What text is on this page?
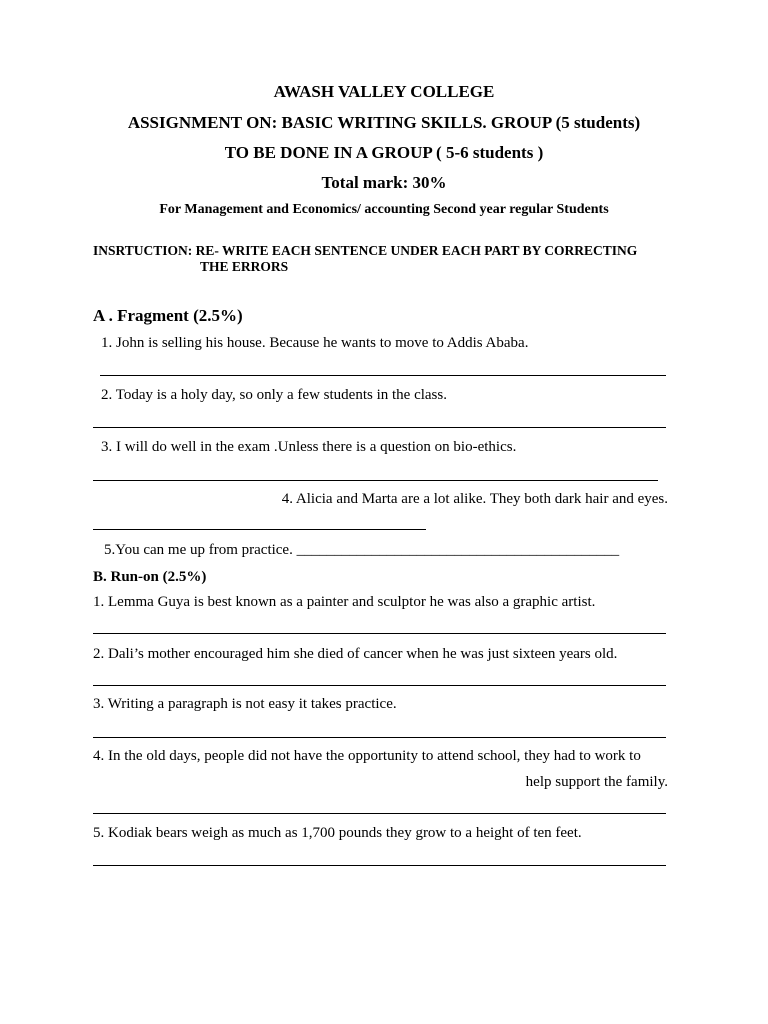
AWASH VALLEY COLLEGE
ASSIGNMENT ON: BASIC WRITING SKILLS. GROUP (5 students)
TO BE DONE IN A GROUP ( 5-6 students )
Total mark: 30%
For Management and Economics/ accounting Second year regular Students
INSRTUCTION: RE- WRITE EACH SENTENCE UNDER EACH PART BY CORRECTING
THE ERRORS
A . Fragment (2.5%)
1. John is selling his house. Because he wants to move to Addis Ababa.
2. Today is a holy day, so only a few students in the class.
3. I will do well in the exam .Unless there is a question on bio-ethics.
4. Alicia and Marta are a lot alike. They both dark hair and eyes.
5.You can me up from practice. ___________________________________________
B. Run-on (2.5%)
1. Lemma Guya is best known as a painter and sculptor he was also a graphic artist.
2. Dali’s mother encouraged him she died of cancer when he was just sixteen years old.
3. Writing a paragraph is not easy it takes practice.
4. In the old days, people did not have the opportunity to attend school, they had to work to
help support the family.
5. Kodiak bears weigh as much as 1,700 pounds they grow to a height of ten feet.
